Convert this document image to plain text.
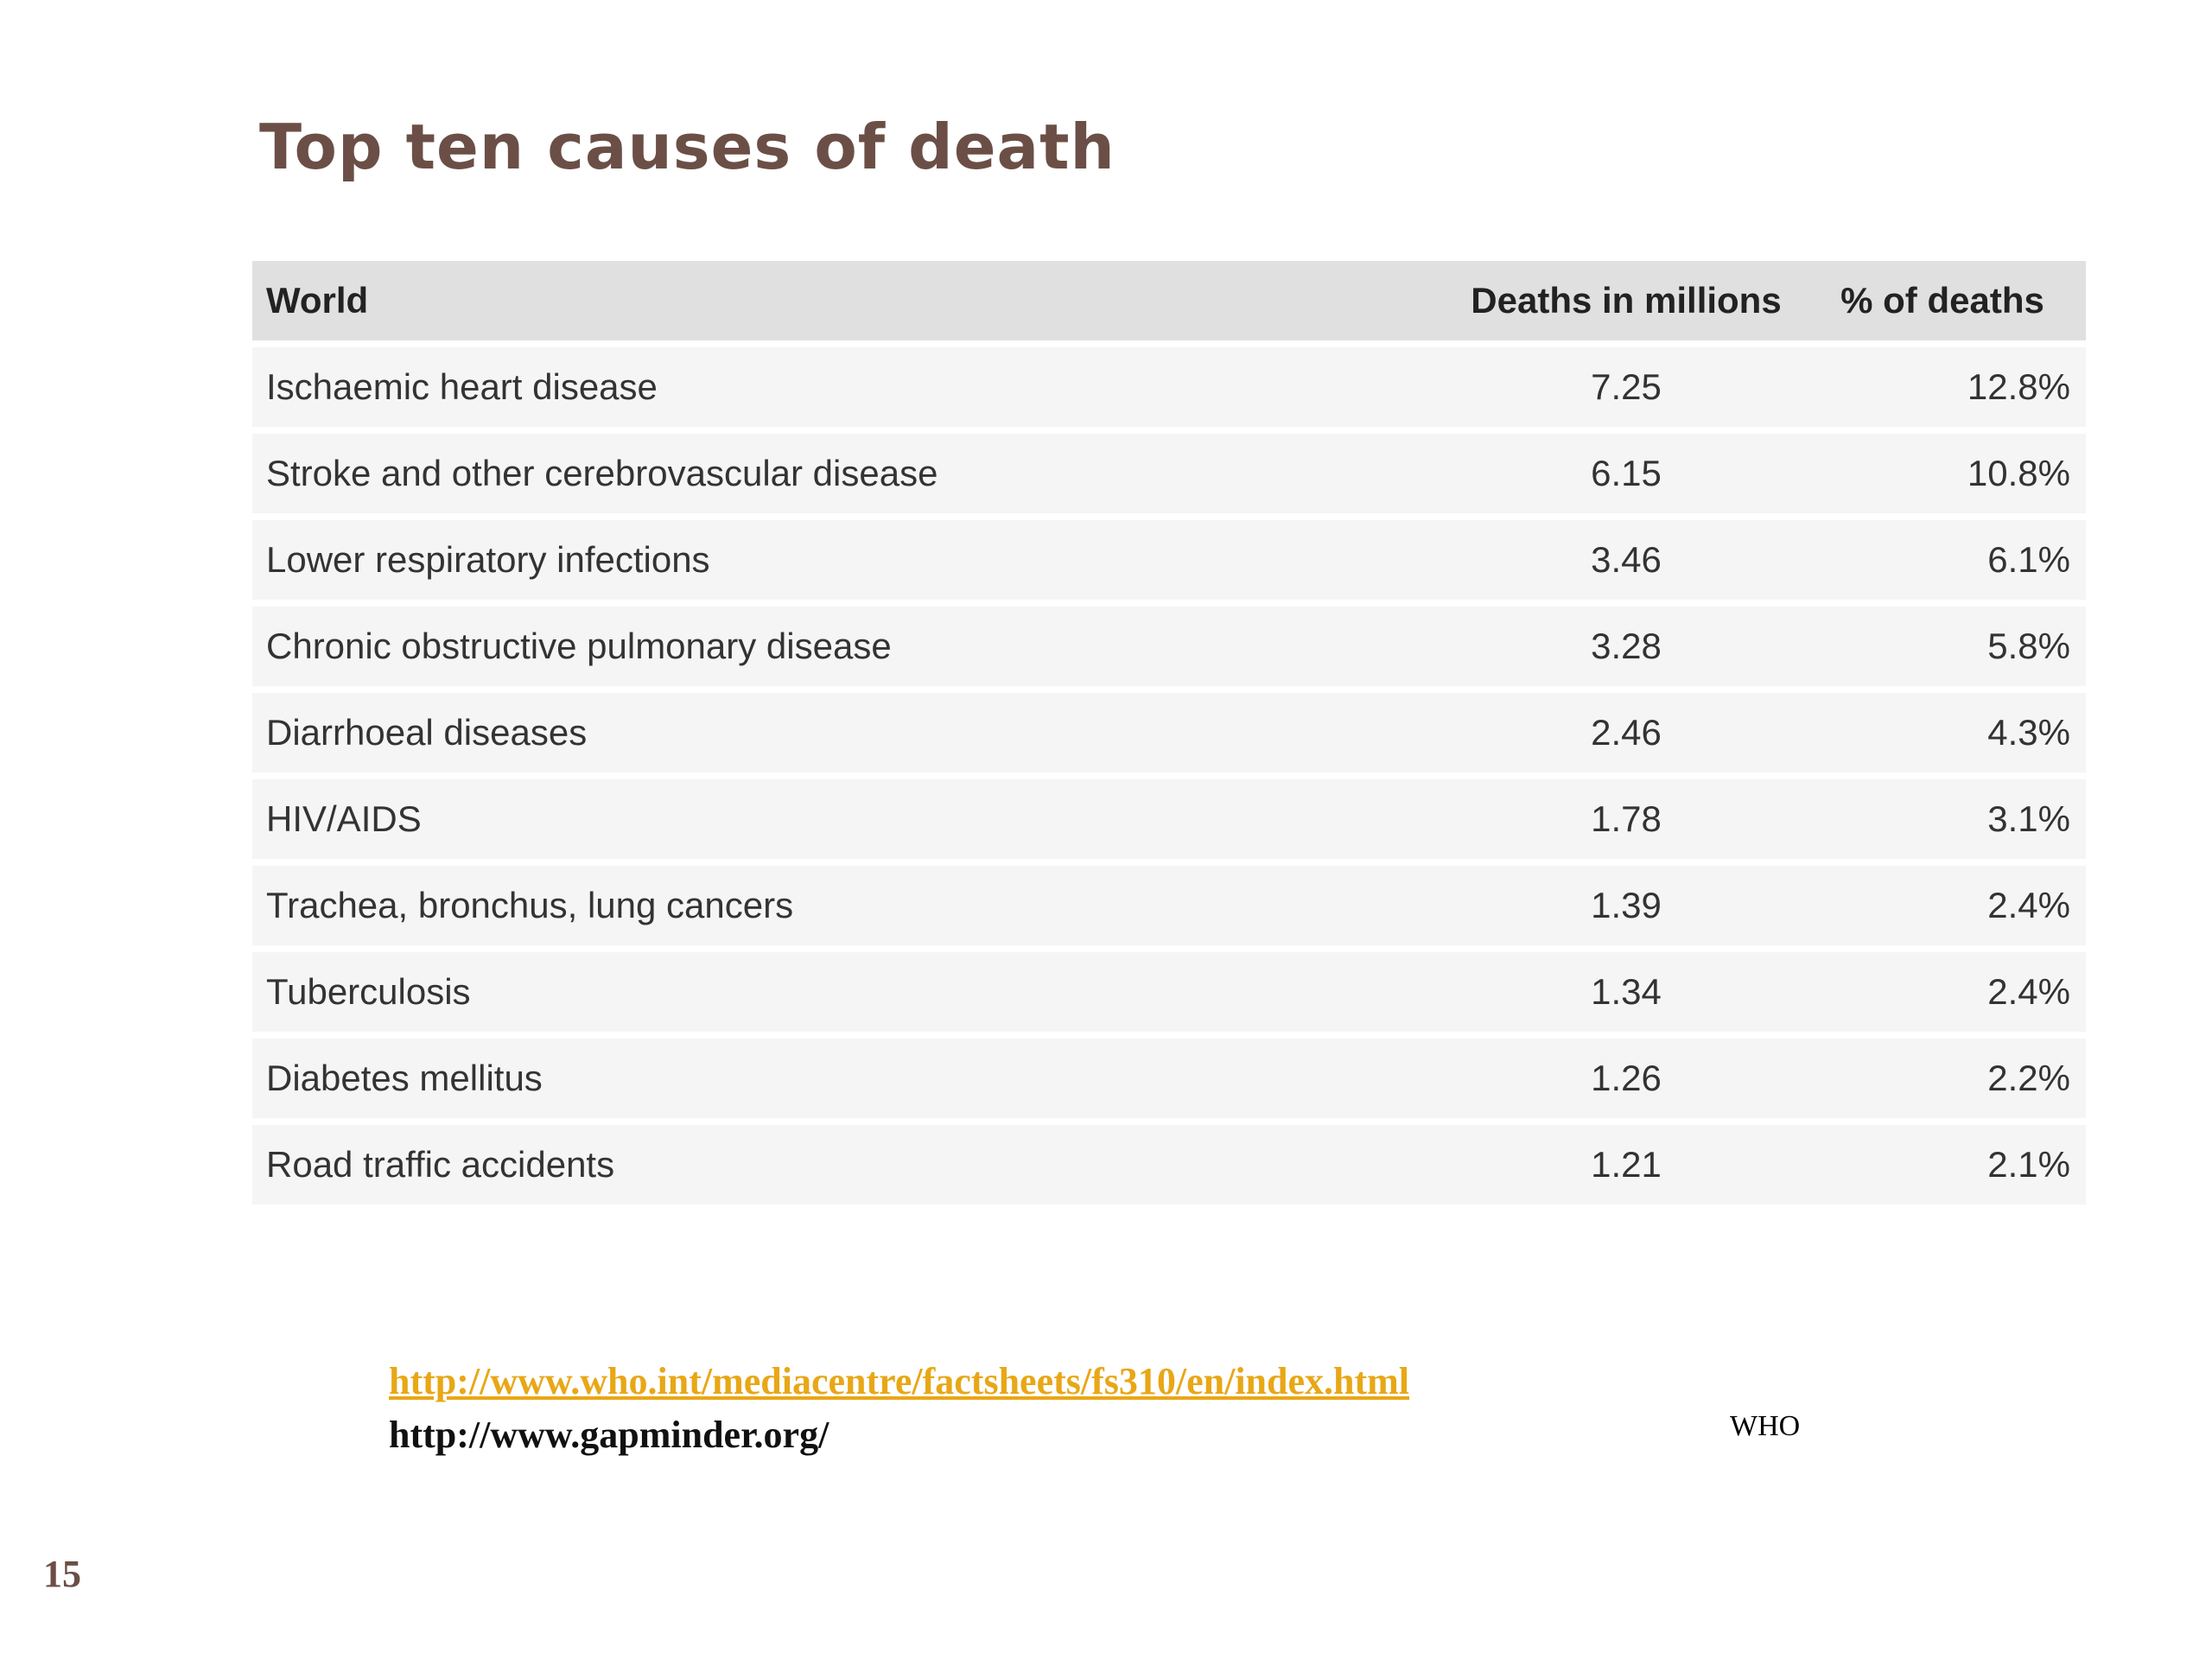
Top ten causes of death
World	Deaths in millions	% of deaths
Ischaemic heart disease	7.25	12.8%
Stroke and other cerebrovascular disease	6.15	10.8%
Lower respiratory infections	3.46	6.1%
Chronic obstructive pulmonary disease	3.28	5.8%
Diarrhoeal diseases	2.46	4.3%
HIV/AIDS	1.78	3.1%
Trachea, bronchus, lung cancers	1.39	2.4%
Tuberculosis	1.34	2.4%
Diabetes mellitus	1.26	2.2%
Road traffic accidents	1.21	2.1%
http://www.who.int/mediacentre/factsheets/fs310/en/index.html
http://www.gapminder.org/	WHO
15
